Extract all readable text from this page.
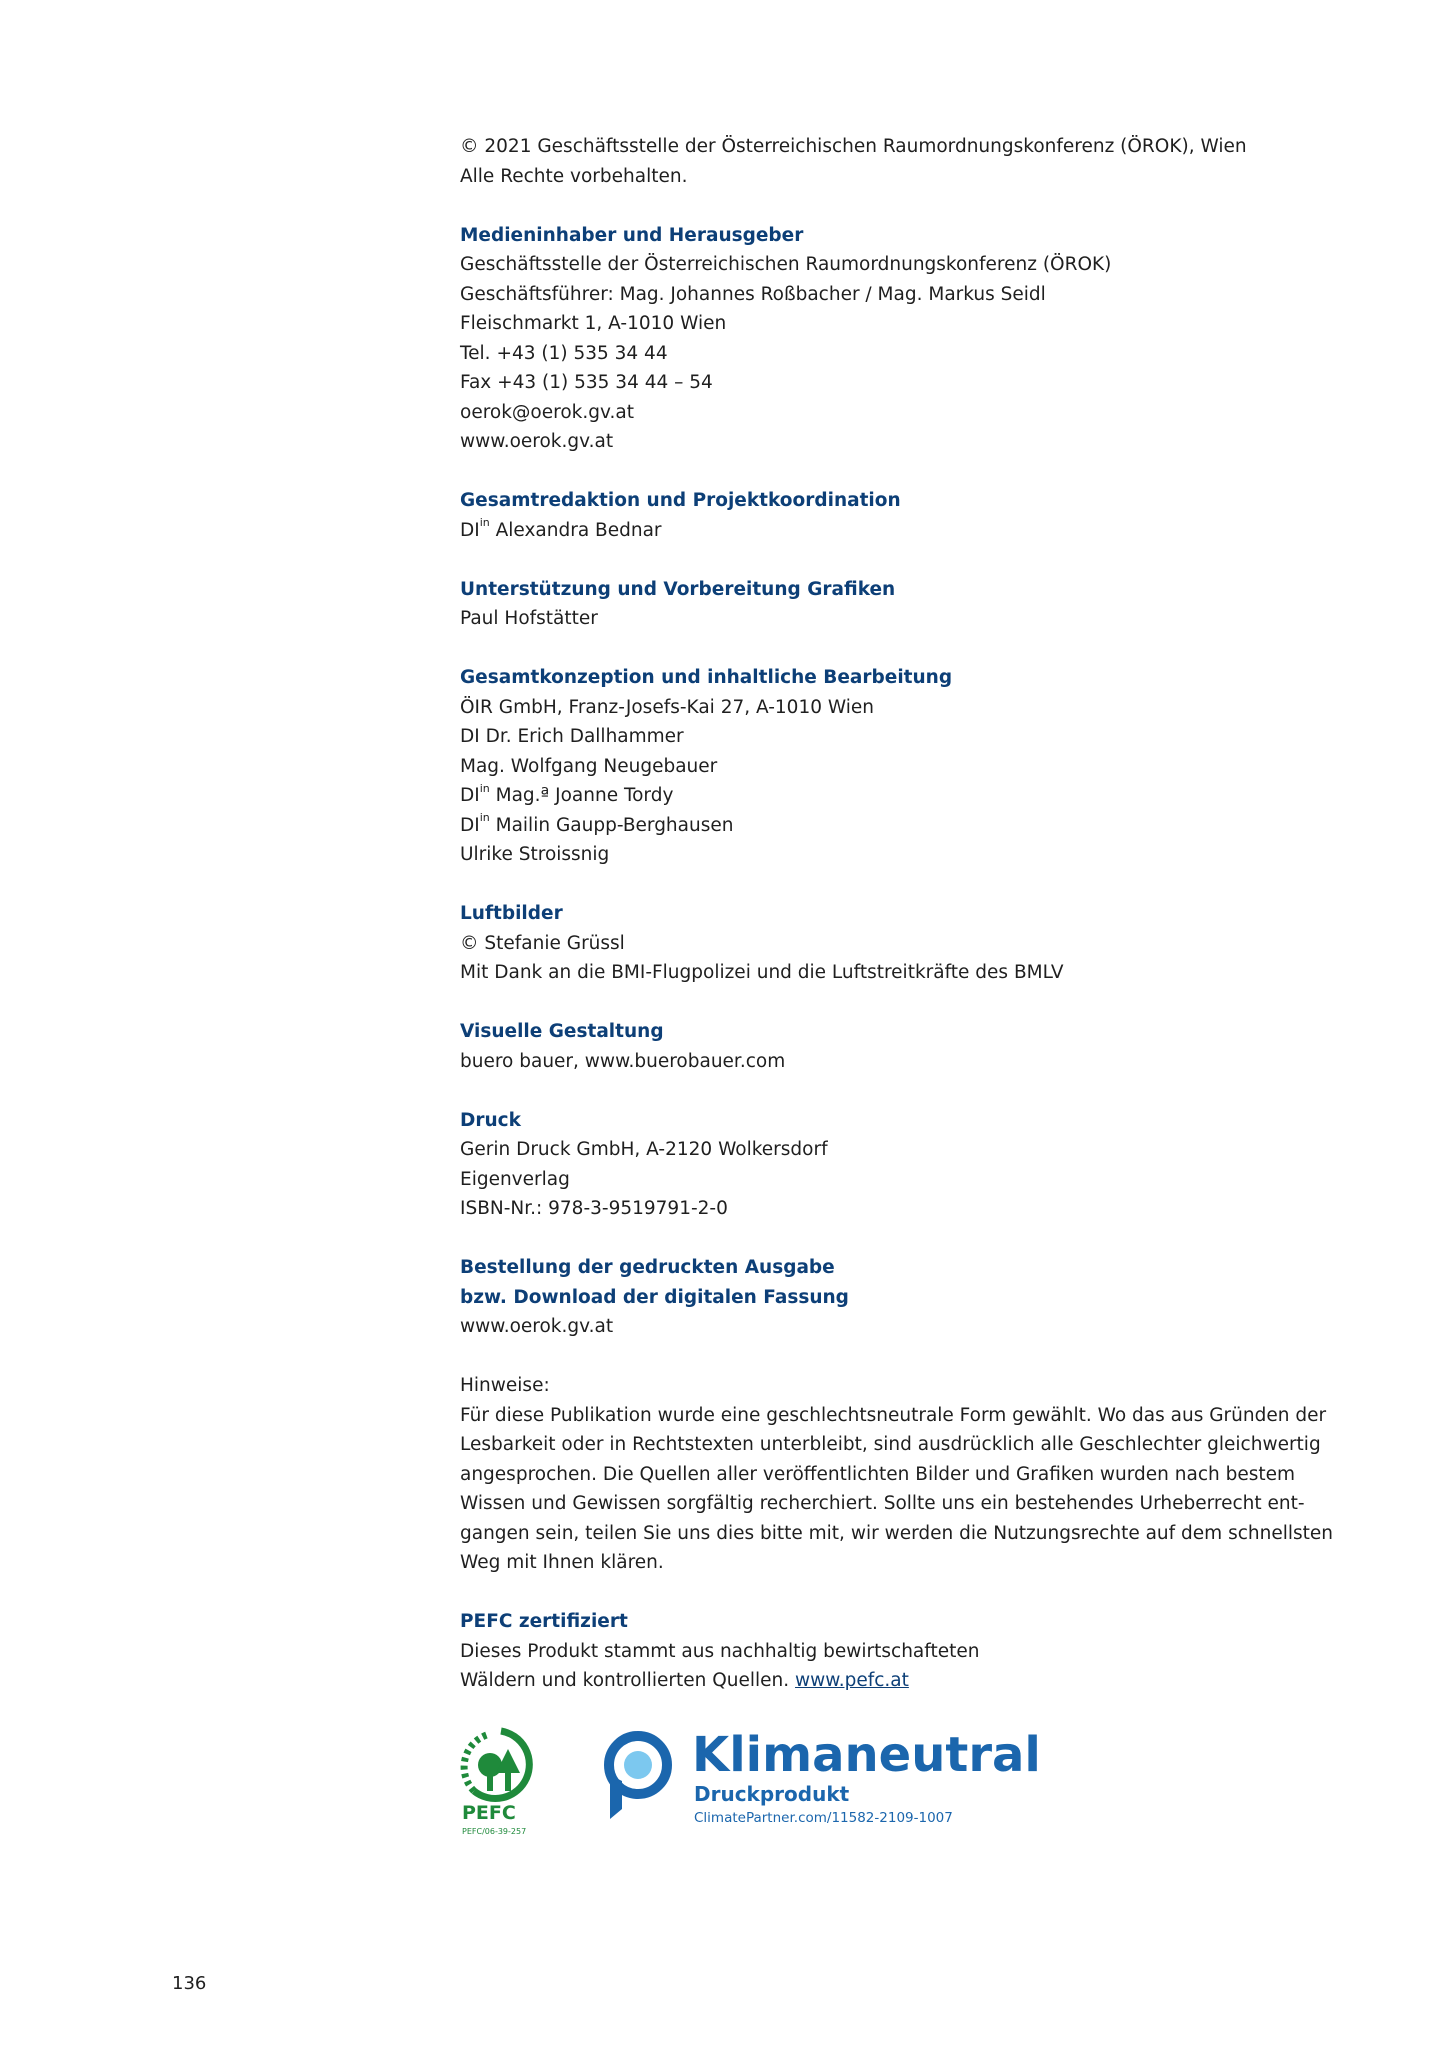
© 2021 Geschäftsstelle der Österreichischen Raumordnungskonferenz (ÖROK), Wien
Alle Rechte vorbehalten.
Medieninhaber und Herausgeber
Geschäftsstelle der Österreichischen Raumordnungskonferenz (ÖROK)
Geschäftsführer: Mag. Johannes Roßbacher / Mag. Markus Seidl
Fleischmarkt 1, A-1010 Wien
Tel. +43 (1) 535 34 44
Fax +43 (1) 535 34 44 – 54
oerok@oerok.gv.at
www.oerok.gv.at
Gesamtredaktion und Projektkoordination
$DI^{in}$ Alexandra Bednar
Unterstützung und Vorbereitung Grafiken
Paul Hofstätter
Gesamtkonzeption und inhaltliche Bearbeitung
ÖIR GmbH, Franz-Josefs-Kai 27, A-1010 Wien
DI Dr. Erich Dallhammer
Mag. Wolfgang Neugebauer
$DI^{in}$ Mag.ª Joanne Tordy
$DI^{in}$ Mailin Gaupp-Berghausen
Ulrike Stroissnig
Luftbilder
© Stefanie Grüssl
Mit Dank an die BMI-Flugpolizei und die Luftstreitkräfte des BMLV
Visuelle Gestaltung
buero bauer, www.buerobauer.com
Druck
Gerin Druck GmbH, A-2120 Wolkersdorf
Eigenverlag
ISBN-Nr.: 978-3-9519791-2-0
Bestellung der gedruckten Ausgabe
bzw. Download der digitalen Fassung
www.oerok.gv.at
Hinweise:
Für diese Publikation wurde eine geschlechtsneutrale Form gewählt. Wo das aus Gründen der
Lesbarkeit oder in Rechtstexten unterbleibt, sind ausdrücklich alle Geschlechter gleichwertig
angesprochen. Die Quellen aller veröffentlichten Bilder und Grafiken wurden nach bestem
Wissen und Gewissen sorgfältig recherchiert. Sollte uns ein bestehendes Urheberrecht ent-
gangen sein, teilen Sie uns dies bitte mit, wir werden die Nutzungsrechte auf dem schnellsten
Weg mit Ihnen klären.
PEFC zertifiziert
Dieses Produkt stammt aus nachhaltig bewirtschafteten
Wäldern und kontrollierten Quellen. www.pefc.at
PEFC
PEFC/06-39-257
Klimaneutral
Druckprodukt
ClimatePartner.com/11582-2109-1007
136
